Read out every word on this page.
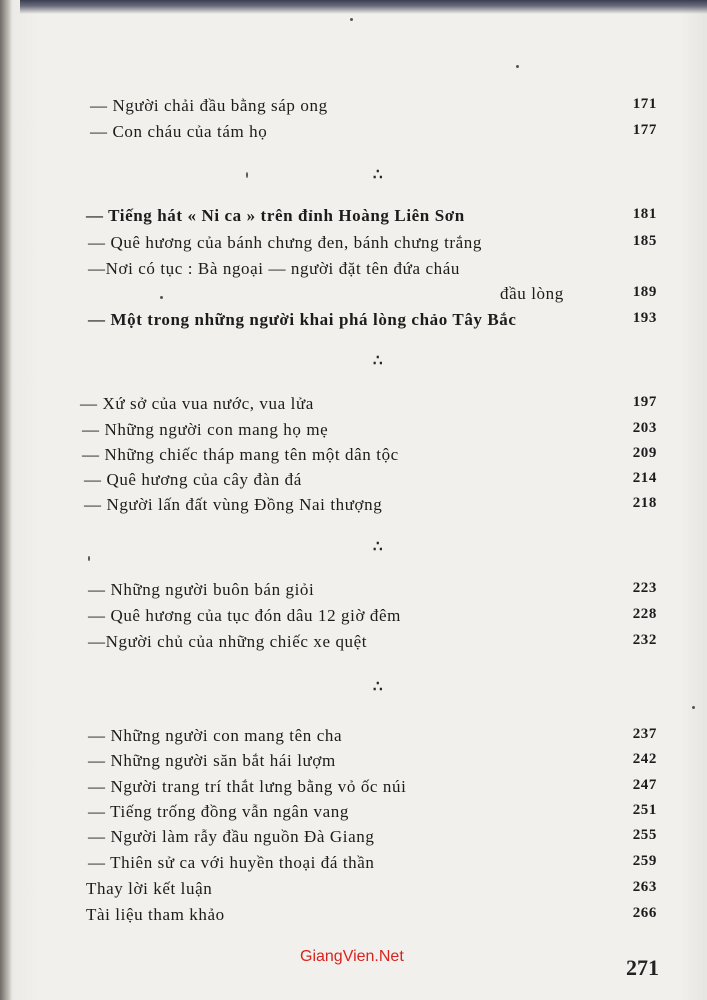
— Người chải đầu bằng sáp ong	171
— Con cháu của tám họ	177
∴
— Tiếng hát « Ni ca » trên đỉnh Hoàng Liên Sơn	181
— Quê hương của bánh chưng đen, bánh chưng trắng	185
—Nơi có tục : Bà ngoại — người đặt tên đứa cháu
đầu lòng	189
— Một trong những người khai phá lòng chảo Tây Bắc	193
∴
— Xứ sở của vua nước, vua lửa	197
— Những người con mang họ mẹ	203
— Những chiếc tháp mang tên một dân tộc	209
— Quê hương của cây đàn đá	214
— Người lấn đất vùng Đồng Nai thượng	218
∴
— Những người buôn bán giỏi	223
— Quê hương của tục đón dâu 12 giờ đêm	228
—Người chủ của những chiếc xe quệt	232
∴
— Những người con mang tên cha	237
— Những người săn bắt hái lượm	242
— Người trang trí thắt lưng bằng vỏ ốc núi	247
— Tiếng trống đồng vẫn ngân vang	251
— Người làm rẫy đầu nguồn Đà Giang	255
— Thiên sử ca với huyền thoại đá thần	259
Thay lời kết luận	263
Tài liệu tham khảo	266
GiangVien.Net	271
